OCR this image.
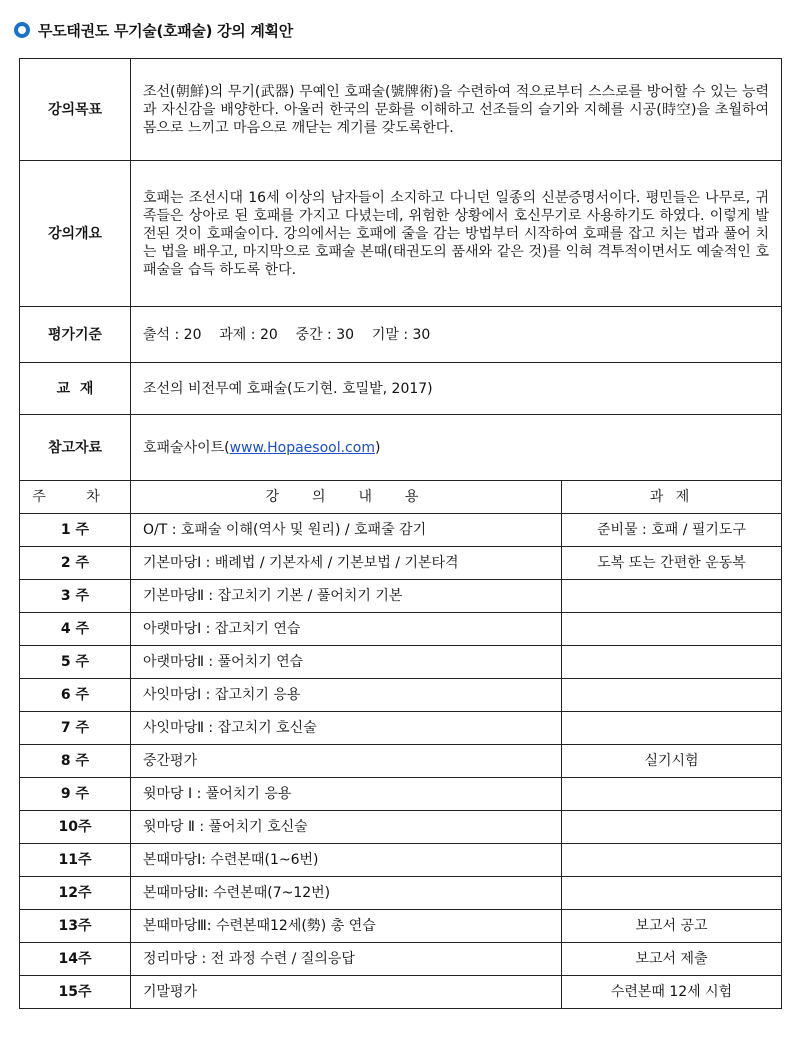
무도태권도 무기술(호패술) 강의 계획안
강의목표	조선(朝鮮)의 무기(武器) 무예인 호패술(號牌術)을 수련하여 적으로부터 스스로를 방어할 수 있는 능력과 자신감을 배양한다. 아울러 한국의 문화를 이해하고 선조들의 슬기와 지혜를 시공(時空)을 초월하여 몸으로 느끼고 마음으로 깨닫는 계기를 갖도록한다.	
강의개요	호패는 조선시대 16세 이상의 남자들이 소지하고 다니던 일종의 신분증명서이다. 평민들은 나무로, 귀족들은 상아로 된 호패를 가지고 다녔는데, 위험한 상황에서 호신무기로 사용하기도 하였다. 이렇게 발전된 것이 호패술이다. 강의에서는 호패에 줄을 감는 방법부터 시작하여 호패를 잡고 치는 법과 풀어 치는 법을 배우고, 마지막으로 호패술 본때(태권도의 품새와 같은 것)를 익혀 격투적이면서도 예술적인 호패술을 습득 하도록 한다.	
평가기준	출석 : 20    과제 : 20    중간 : 30    기말 : 30	
교  재	조선의 비전무예 호패술(도기현. 호밀밭, 2017)	
참고자료	호패술사이트(www.Hopaesool.com)	
주 차	강  의  내  용	과 제
1 주	O/T : 호패술 이해(역사 및 원리) / 호패줄 감기	준비물 : 호패 / 필기도구
2 주	기본마당Ⅰ : 배례법 / 기본자세 / 기본보법 / 기본타격	도복 또는 간편한 운동복
3 주	기본마당Ⅱ : 잡고치기 기본 / 풀어치기 기본	
4 주	아랫마당Ⅰ : 잡고치기 연습	
5 주	아랫마당Ⅱ : 풀어치기 연습	
6 주	사잇마당Ⅰ : 잡고치기 응용	
7 주	사잇마당Ⅱ : 잡고치기 호신술	
8 주	중간평가	실기시험
9 주	윗마당 Ⅰ : 풀어치기 응용	
10주	윗마당 Ⅱ : 풀어치기 호신술	
11주	본때마당Ⅰ: 수련본때(1~6번)	
12주	본때마당Ⅱ: 수련본때(7~12번)	
13주	본때마당Ⅲ: 수련본때12세(勢) 총 연습	보고서 공고
14주	정리마당 : 전 과정 수련 / 질의응답	보고서 제출
15주	기말평가	수련본때 12세 시험
